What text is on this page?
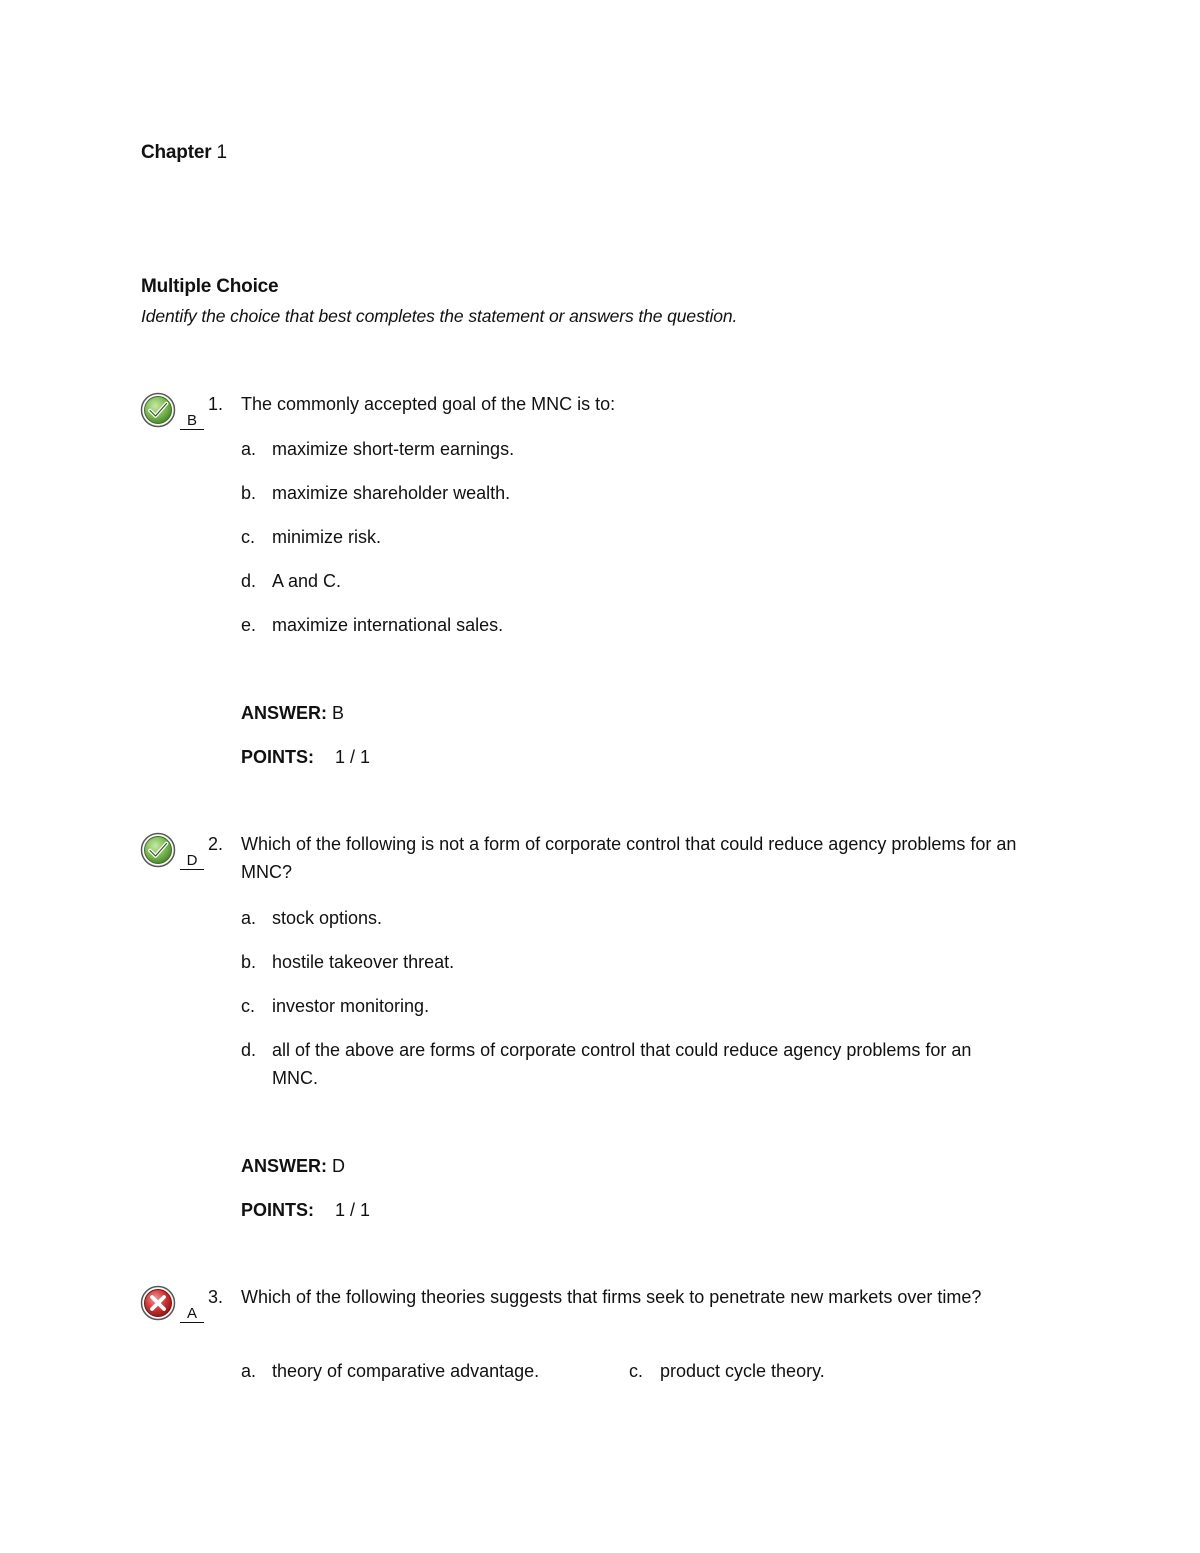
Chapter 1
Multiple Choice

Identify the choice that best completes the statement or answers the question.

B
1. The commonly accepted goal of the MNC is to:

a. maximize short-term earnings.
b. maximize shareholder wealth.
c. minimize risk.
d. A and C.
e. maximize international sales.
ANSWER: B
POINTS: 1 / 1
D
2. Which of the following is not a form of corporate control that could reduce agency problems for an MNC?

a. stock options.
b. hostile takeover threat.
c. investor monitoring.
d. all of the above are forms of corporate control that could reduce agency problems for an MNC.
ANSWER: D
POINTS: 1 / 1
A
3. Which of the following theories suggests that firms seek to penetrate new markets over time?

a. theory of comparative advantage.	c. product cycle theory.
